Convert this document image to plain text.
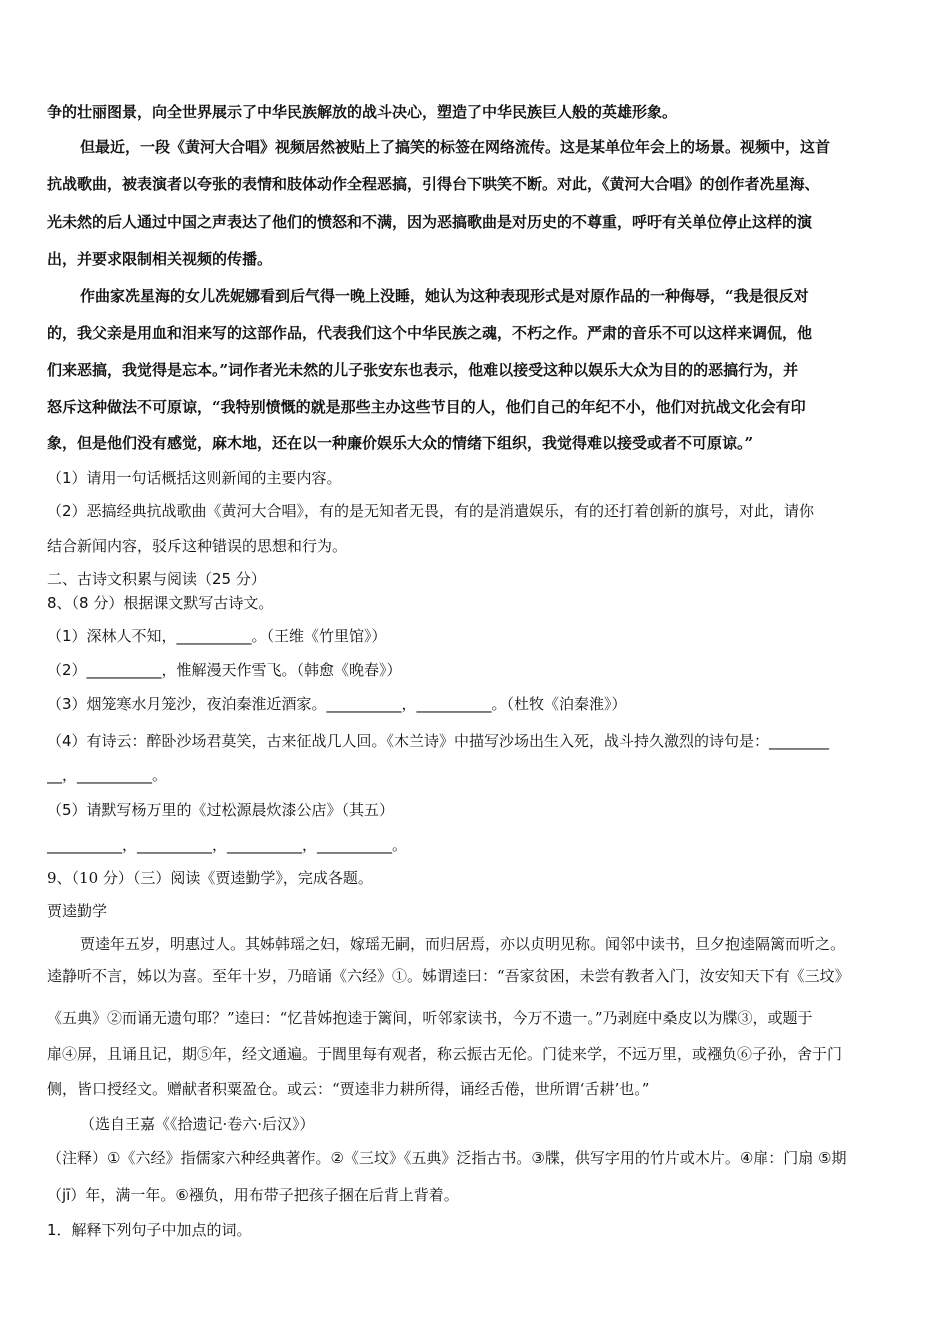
争的壮丽图景，向全世界展示了中华民族解放的战斗决心，塑造了中华民族巨人般的英雄形象。
但最近，一段《黄河大合唱》视频居然被贴上了搞笑的标签在网络流传。这是某单位年会上的场景。视频中，这首
抗战歌曲，被表演者以夸张的表情和肢体动作全程恶搞，引得台下哄笑不断。对此，《黄河大合唱》的创作者冼星海、
光未然的后人通过中国之声表达了他们的愤怒和不满，因为恶搞歌曲是对历史的不尊重，呼吁有关单位停止这样的演
出，并要求限制相关视频的传播。
作曲家冼星海的女儿冼妮娜看到后气得一晚上没睡，她认为这种表现形式是对原作品的一种侮辱，“我是很反对
的，我父亲是用血和泪来写的这部作品，代表我们这个中华民族之魂，不朽之作。严肃的音乐不可以这样来调侃，他
们来恶搞，我觉得是忘本。”词作者光未然的儿子张安东也表示，他难以接受这种以娱乐大众为目的的恶搞行为，并
怒斥这种做法不可原谅，“我特别愤慨的就是那些主办这些节目的人，他们自己的年纪不小，他们对抗战文化会有印
象，但是他们没有感觉，麻木地，还在以一种廉价娱乐大众的情绪下组织，我觉得难以接受或者不可原谅。”
（1）请用一句话概括这则新闻的主要内容。
（2）恶搞经典抗战歌曲《黄河大合唱》，有的是无知者无畏，有的是消遣娱乐，有的还打着创新的旗号，对此，请你
结合新闻内容，驳斥这种错误的思想和行为。
二、古诗文积累与阅读（25 分）
8、（8 分）根据课文默写古诗文。
（1）深林人不知，__________。（王维《竹里馆》）
（2）__________，惟解漫天作雪飞。（韩愈《晚春》）
（3）烟笼寒水月笼沙，夜泊秦淮近酒家。__________，__________。（杜牧《泊秦淮》）
（4）有诗云：醉卧沙场君莫笑，古来征战几人回。《木兰诗》中描写沙场出生入死，战斗持久激烈的诗句是：________
__，__________。
（5）请默写杨万里的《过松源晨炊漆公店》（其五）
__________，__________，__________，__________。
9、（10 分）（三）阅读《贾逵勤学》，完成各题。
贾逵勤学
贾逵年五岁，明惠过人。其姊韩瑶之妇，嫁瑶无嗣，而归居焉，亦以贞明见称。闻邻中读书，旦夕抱逵隔篱而听之。
逵静听不言，姊以为喜。至年十岁，乃暗诵《六经》①。姊谓逵曰：“吾家贫困，未尝有教者入门，汝安知天下有《三坟》
《五典》②而诵无遗句耶？”逵曰：“忆昔姊抱逵于篱间，听邻家读书，今万不遗一。”乃剥庭中桑皮以为牒③，或题于
扉④屏，且诵且记，期⑤年，经文通遍。于閭里每有观者，称云振古无伦。门徒来学，不远万里，或襁负⑥子孙，舍于门
侧，皆口授经文。赠献者积粟盈仓。或云：“贾逵非力耕所得，诵经舌倦，世所谓‘舌耕’也。”
（选自王嘉《《拾遗记·卷六·后汉》）
（注释）①《六经》指儒家六种经典著作。②《三坟》《五典》泛指古书。③牒，供写字用的竹片或木片。④扉：门扇 ⑤期
（jī）年，满一年。⑥襁负，用布带子把孩子捆在后背上背着。
1．解释下列句子中加点的词。
